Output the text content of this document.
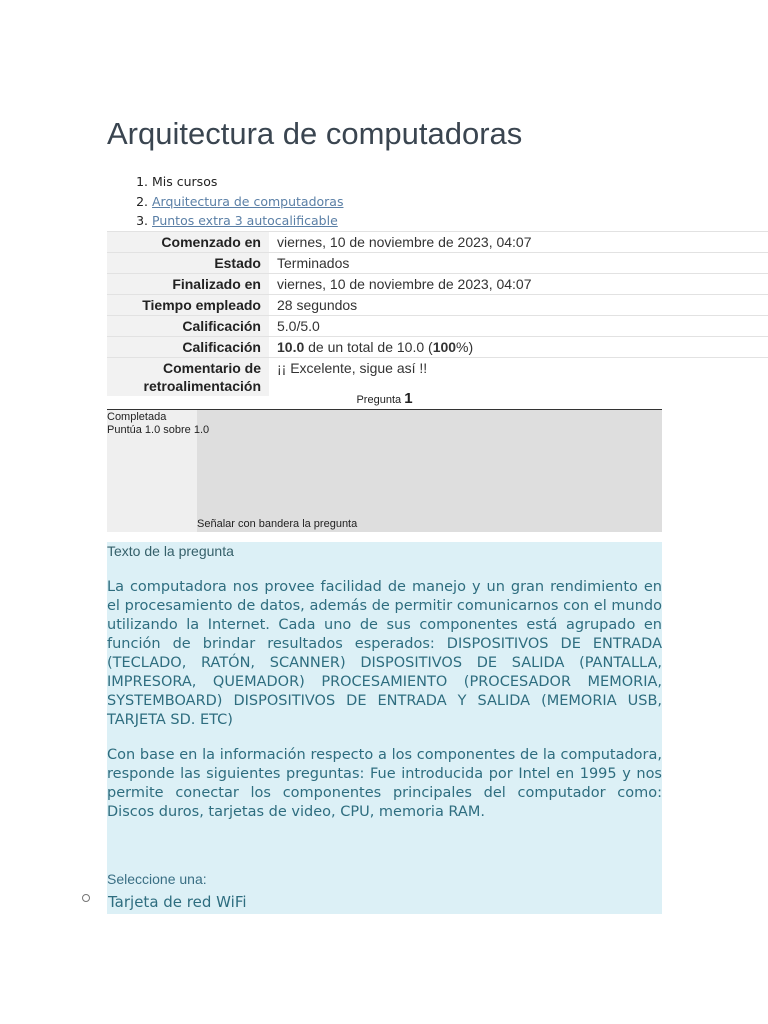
Arquitectura de computadoras
1. Mis cursos
2. Arquitectura de computadoras
3. Puntos extra 3 autocalificable
Comenzado en	viernes, 10 de noviembre de 2023, 04:07
Estado	Terminados
Finalizado en	viernes, 10 de noviembre de 2023, 04:07
Tiempo empleado	28 segundos
Calificación	5.0/5.0
Calificación	10.0 de un total de 10.0 (100%)
Comentario de
retroalimentación	¡¡ Excelente, sigue así !!
Pregunta 1
Completada
Puntúa 1.0 sobre 1.0
Señalar con bandera la pregunta
Texto de la pregunta

La computadora nos provee facilidad de manejo y un gran rendimiento en el procesamiento de datos, además de permitir comunicarnos con el mundo utilizando la Internet. Cada uno de sus componentes está agrupado en función de brindar resultados esperados: DISPOSITIVOS DE ENTRADA (TECLADO, RATÓN, SCANNER) DISPOSITIVOS DE SALIDA (PANTALLA, IMPRESORA, QUEMADOR) PROCESAMIENTO (PROCESADOR MEMORIA, SYSTEMBOARD) DISPOSITIVOS DE ENTRADA Y SALIDA (MEMORIA USB, TARJETA SD. ETC)

Con base en la información respecto a los componentes de la computadora, responde las siguientes preguntas: Fue introducida por Intel en 1995 y nos permite conectar los componentes principales del computador como: Discos duros, tarjetas de video, CPU, memoria RAM.

Seleccione una:
Tarjeta de red WiFi
